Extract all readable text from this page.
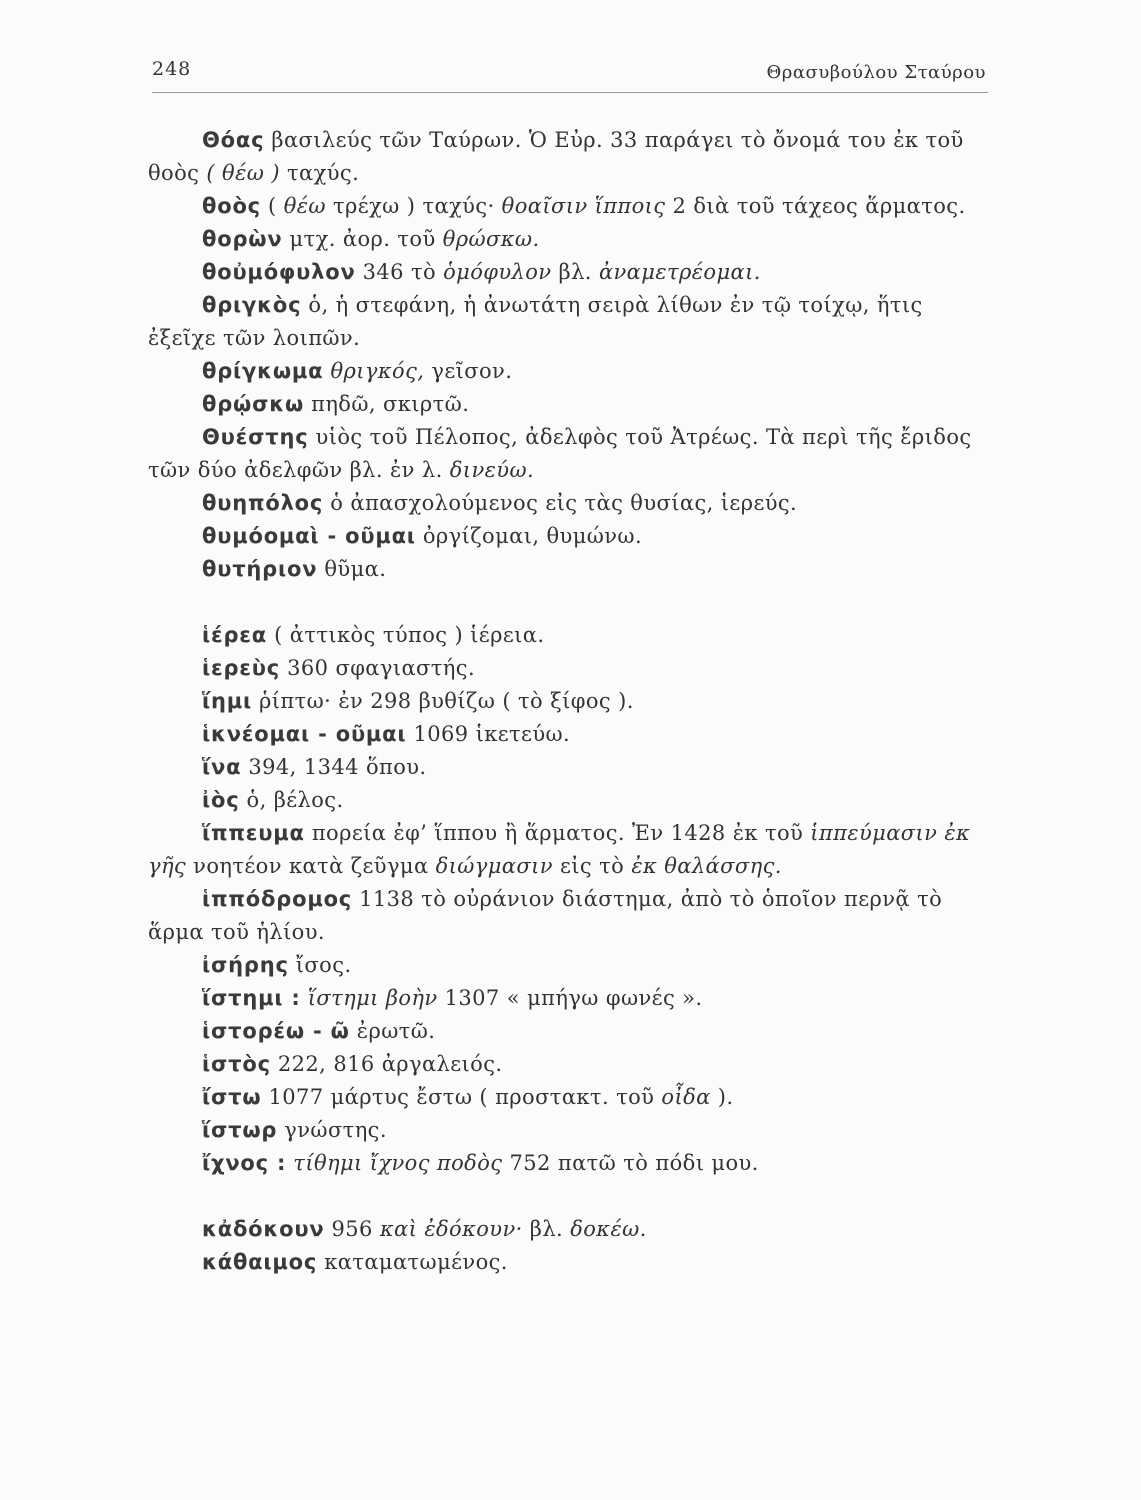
248	Θρασυβούλου Σταύρου

Θόας βασιλεύς τῶν Ταύρων. Ὁ Εὐρ. 33 παράγει τὸ ὄνομά του ἐκ τοῦ θοὸς ( θέω ) ταχύς.

θοὸς ( θέω τρέχω ) ταχύς· θοαῖσιν ἵπποις 2 διὰ τοῦ τάχεος ἅρματος.

θορὼν μτχ. ἀορ. τοῦ θρώσκω.

θοὐμόφυλον 346 τὸ ὁμόφυλον βλ. ἀναμετρέομαι.

θριγκὸς ὁ, ἡ στεφάνη, ἡ ἀνωτάτη σειρὰ λίθων ἐν τῷ τοίχῳ, ἥτις ἐξεῖχε τῶν λοιπῶν.

θρίγκωμα θριγκός, γεῖσον.

θρῴσκω πηδῶ, σκιρτῶ.

Θυέστης υἱὸς τοῦ Πέλοπος, ἀδελφὸς τοῦ Ἀτρέως. Τὰ περὶ τῆς ἔριδος τῶν δύο ἀδελφῶν βλ. ἐν λ. δινεύω.

θυηπόλος ὁ ἀπασχολούμενος εἰς τὰς θυσίας, ἱερεύς.

θυμόομαὶ - οῦμαι ὀργίζομαι, θυμώνω.

θυτήριον θῦμα.

ἱέρεα ( ἀττικὸς τύπος ) ἱέρεια.

ἱερεὺς 360 σφαγιαστής.

ἵημι ῥίπτω· ἐν 298 βυθίζω ( τὸ ξίφος ).

ἱκνέομαι - οῦμαι 1069 ἱκετεύω.

ἵνα 394, 1344 ὅπου.

ἰὸς ὁ, βέλος.

ἵππευμα πορεία ἐφ’ ἵππου ἢ ἅρματος. Ἐν 1428 ἐκ τοῦ ἱππεύμασιν ἐκ γῆς νοητέον κατὰ ζεῦγμα διώγμασιν εἰς τὸ ἐκ θαλάσσης.

ἱππόδρομος 1138 τὸ οὐράνιον διάστημα, ἀπὸ τὸ ὁποῖον περνᾷ τὸ ἅρμα τοῦ ἡλίου.

ἰσήρης ἴσος.

ἵστημι : ἵστημι βοὴν 1307 « μπήγω φωνές ».

ἱστορέω - ῶ ἐρωτῶ.

ἱστὸς 222, 816 ἀργαλειός.

ἴστω 1077 μάρτυς ἔστω ( προστακτ. τοῦ οἶδα ).

ἵστωρ γνώστης.

ἴχνος : τίθημι ἴχνος ποδὸς 752 πατῶ τὸ πόδι μου.

κἀδόκουν 956 καὶ ἐδόκουν· βλ. δοκέω.

κάθαιμος καταματωμένος.
